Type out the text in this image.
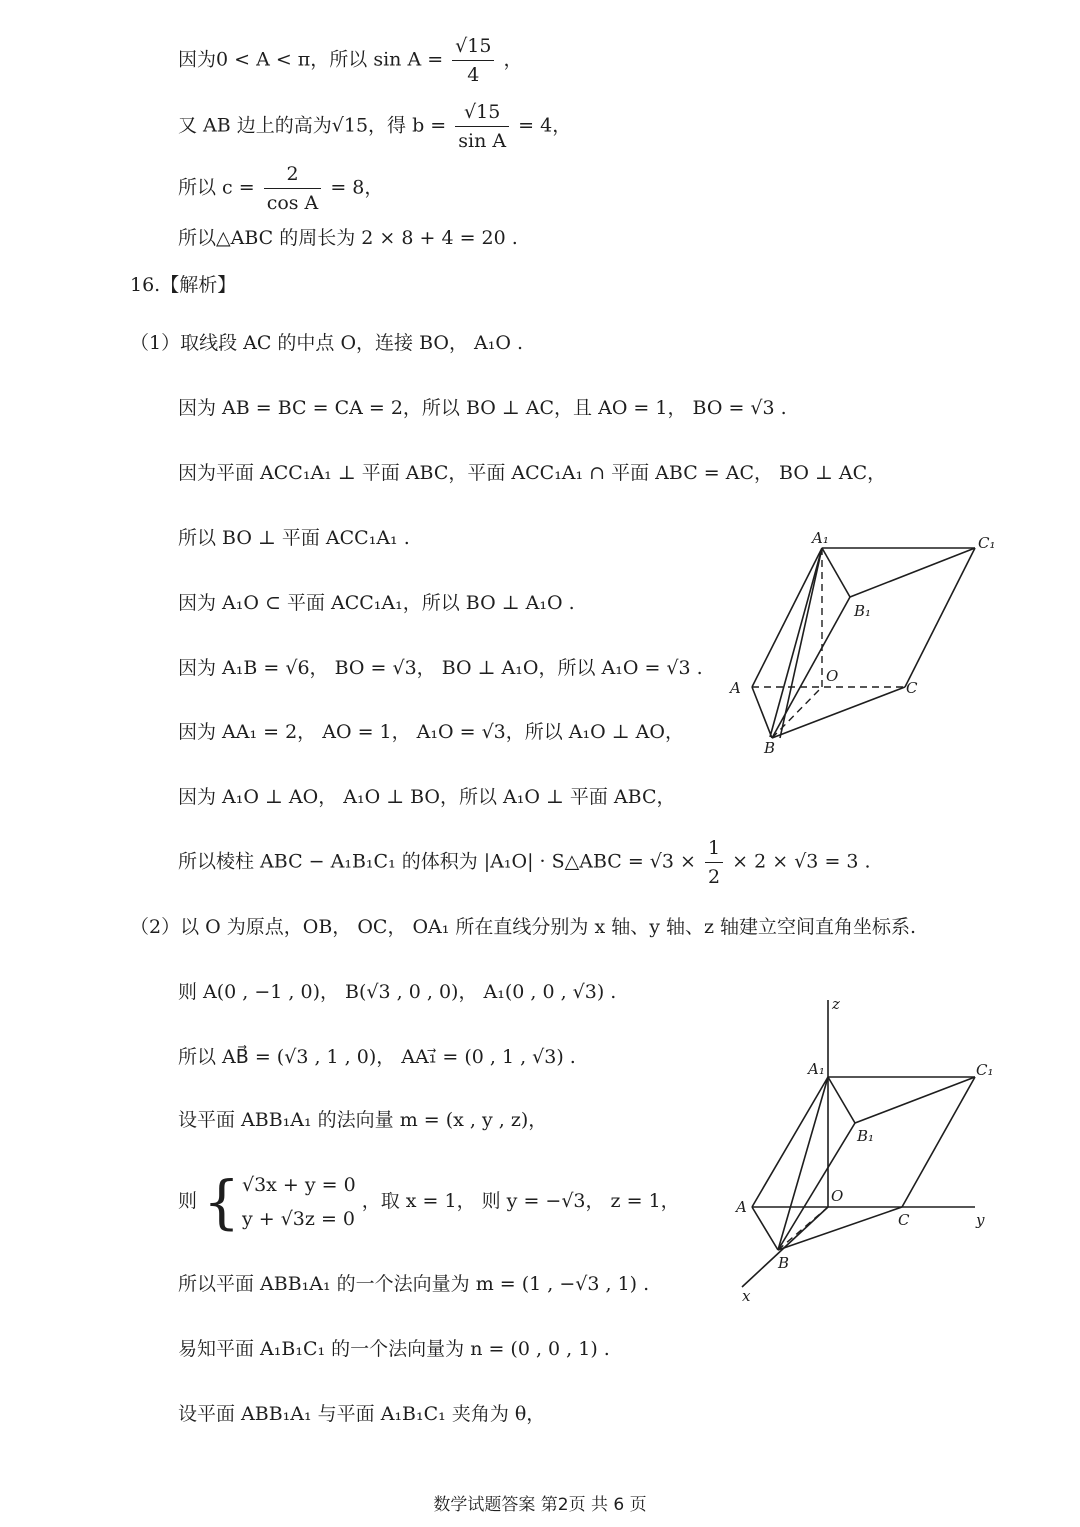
因为0 < A < π，所以 $\sin A = \frac{√15}{4}$ ，
又 AB 边上的高为√15，得 $b = \frac{√15}{\text{sin A}} = 4$，
所以 $c = \frac{2}{\text{cos A}} = 8$，
所以△ABC 的周长为 2 × 8 + 4 = 20 .
16.【解析】
（1）取线段 AC 的中点 O，连接 BO， A₁O .
因为 AB = BC = CA = 2，所以 BO ⊥ AC，且 AO = 1， BO = √3 .
因为平面 ACC₁A₁ ⊥ 平面 ABC，平面 ACC₁A₁ ∩ 平面 ABC = AC， BO ⊥ AC，
所以 BO ⊥ 平面 ACC₁A₁ .
因为 A₁O ⊂ 平面 ACC₁A₁，所以 BO ⊥ A₁O .
因为 A₁B = √6， BO = √3， BO ⊥ A₁O，所以 A₁O = √3 .
因为 AA₁ = 2， AO = 1， A₁O = √3，所以 A₁O ⊥ AO，
因为 A₁O ⊥ AO， A₁O ⊥ BO，所以 A₁O ⊥ 平面 ABC，
所以棱柱 ABC − A₁B₁C₁ 的体积为 |A₁O| · S△ABC = $√3 \times \frac{1}{2} \times 2 \times √3 = 3$ .
（2）以 O 为原点，OB， OC， OA₁ 所在直线分别为 x 轴、y 轴、z 轴建立空间直角坐标系.
则 A(0 , −1 , 0)， B(√3 , 0 , 0)， A₁(0 , 0 , √3) .
所以 AB⃗ = (√3 , 1 , 0)， AA₁⃗ = (0 , 1 , √3) .
设平面 ABB₁A₁ 的法向量 m = (x , y , z)，
则 { √3x + y = 0
y + √3z = 0
，取 x = 1， 则 y = −√3， z = 1，
所以平面 ABB₁A₁ 的一个法向量为 m = (1 , −√3 , 1) .
易知平面 A₁B₁C₁ 的一个法向量为 n = (0 , 0 , 1) .
设平面 ABB₁A₁ 与平面 A₁B₁C₁ 夹角为 θ，
A₁	C₁
B₁
A
O
C
B
z
A₁	C₁
B₁
A
O
C	y
B
x
数学试题答案 第2页 共 6 页
